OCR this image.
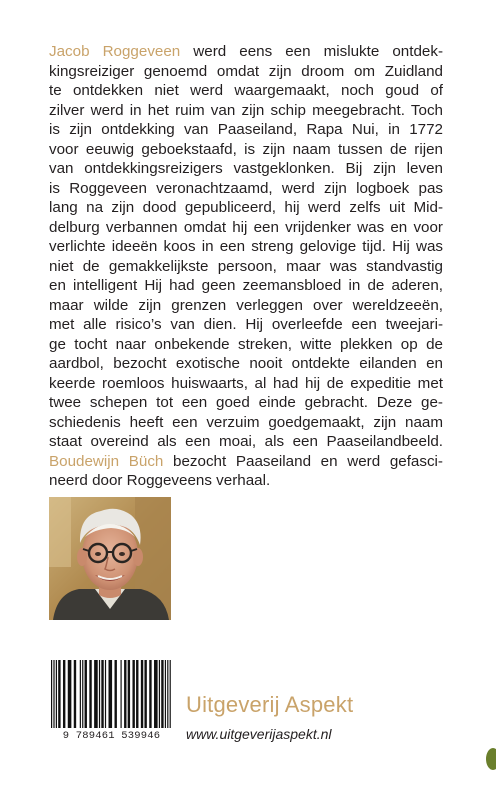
Jacob Roggeveen werd eens een mislukte ontdek-
kingsreiziger genoemd omdat zijn droom om Zuidland
te ontdekken niet werd waargemaakt, noch goud of
zilver werd in het ruim van zijn schip meegebracht. Toch
is zijn ontdekking van Paaseiland, Rapa Nui, in 1772
voor eeuwig geboekstaafd, is zijn naam tussen de rijen
van ontdekkingsreizigers vastgeklonken. Bij zijn leven
is Roggeveen veronachtzaamd, werd zijn logboek pas
lang na zijn dood gepubliceerd, hij werd zelfs uit Mid-
delburg verbannen omdat hij een vrijdenker was en voor
verlichte ideeën koos in een streng gelovige tijd. Hij was
niet de gemakkelijkste persoon, maar was standvastig
en intelligent Hij had geen zeemansbloed in de aderen,
maar wilde zijn grenzen verleggen over wereldzeeën,
met alle risico’s van dien. Hij overleefde een tweejari-
ge tocht naar onbekende streken, witte plekken op de
aardbol, bezocht exotische nooit ontdekte eilanden en
keerde roemloos huiswaarts, al had hij de expeditie met
twee schepen tot een goed einde gebracht. Deze ge-
schiedenis heeft een verzuim goedgemaakt, zijn naam
staat overeind als een moai, als een Paaseilandbeeld.
Boudewijn Büch bezocht Paaseiland en werd gefasci-
neerd door Roggeveens verhaal.
9 789461 539946
Uitgeverij Aspekt
www.uitgeverijaspekt.nl
